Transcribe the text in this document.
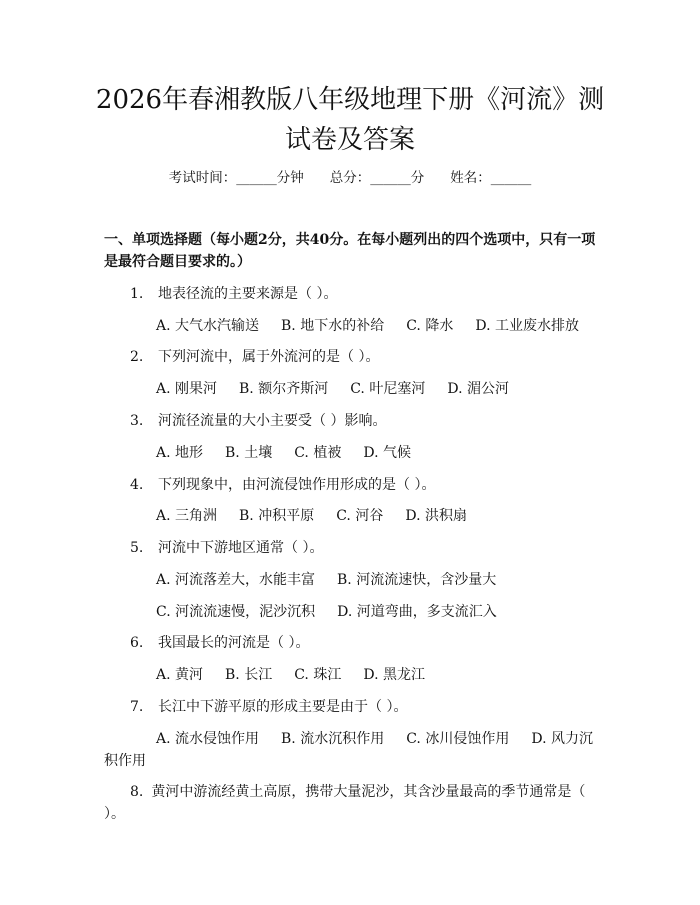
2026年春湘教版八年级地理下册《河流》测试卷及答案
考试时间：______分钟 总分：______分 姓名：______

一、单项选择题（每小题2分，共40分。在每小题列出的四个选项中，只有一项是最符合题目要求的。）

1. 地表径流的主要来源是（ ）。
A. 大气水汽输送 B. 地下水的补给 C. 降水 D. 工业废水排放
2. 下列河流中，属于外流河的是（ ）。
A. 刚果河 B. 额尔齐斯河 C. 叶尼塞河 D. 湄公河
3. 河流径流量的大小主要受（ ）影响。
A. 地形 B. 土壤 C. 植被 D. 气候
4. 下列现象中，由河流侵蚀作用形成的是（ ）。
A. 三角洲 B. 冲积平原 C. 河谷 D. 洪积扇
5. 河流中下游地区通常（ ）。
A. 河流落差大，水能丰富 B. 河流流速快，含沙量大
C. 河流流速慢，泥沙沉积 D. 河道弯曲，多支流汇入
6. 我国最长的河流是（ ）。
A. 黄河 B. 长江 C. 珠江 D. 黑龙江
7. 长江中下游平原的形成主要是由于（ ）。
A. 流水侵蚀作用 B. 流水沉积作用 C. 冰川侵蚀作用 D. 风力沉积作用
8. 黄河中游流经黄土高原，携带大量泥沙，其含沙量最高的季节通常是（ ）。
